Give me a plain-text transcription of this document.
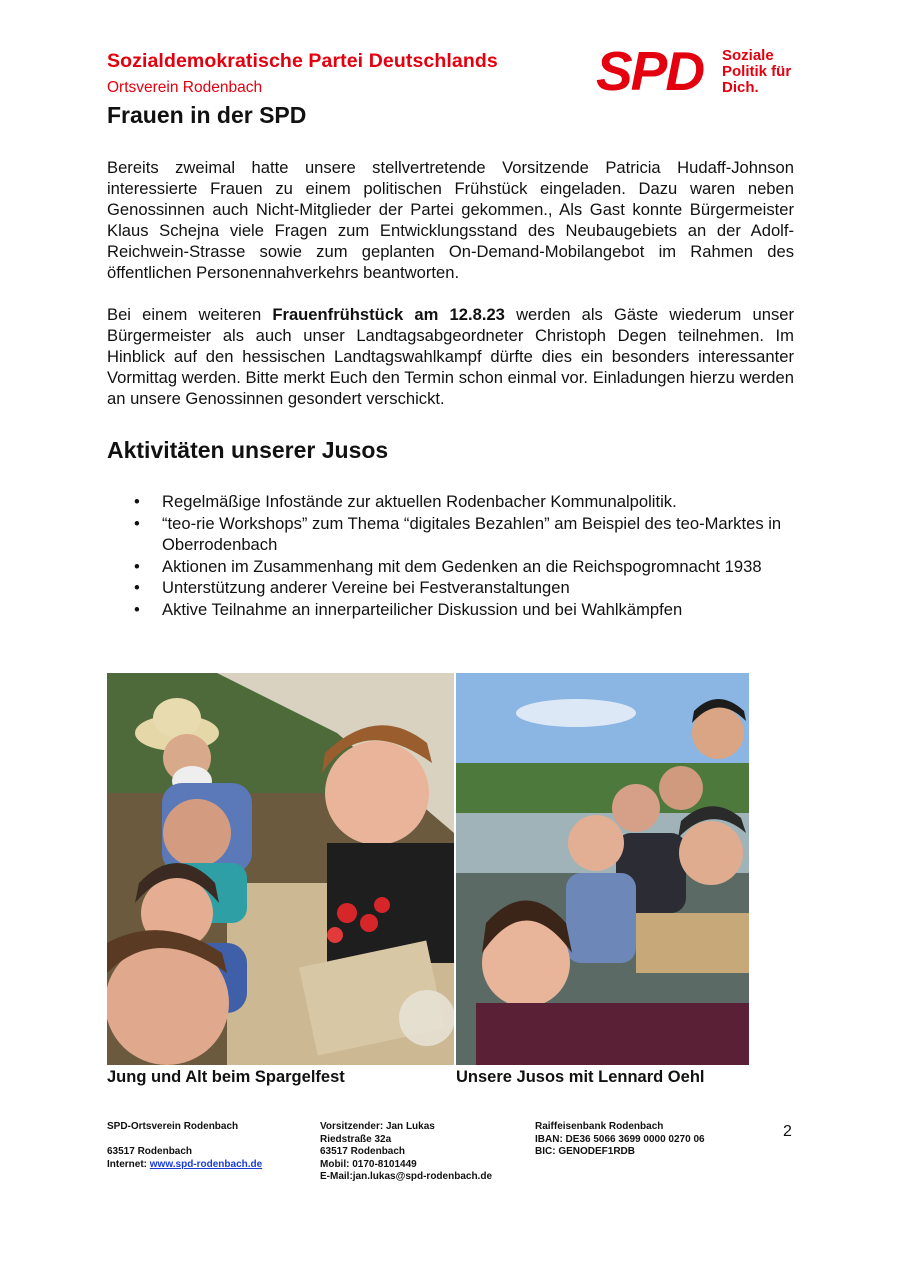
Sozialdemokratische Partei Deutschlands
Ortsverein Rodenbach	SPD Soziale
Politik für
Dich.
Frauen in der SPD

Bereits zweimal hatte unsere stellvertretende Vorsitzende Patricia Hudaff-Johnson interessierte Frauen zu einem politischen Frühstück eingeladen. Dazu waren neben Genossinnen auch Nicht-Mitglieder der Partei gekommen., Als Gast konnte Bürgermeister Klaus Schejna viele Fragen zum Entwicklungsstand des Neubaugebiets an der Adolf-Reichwein-Strasse sowie zum geplanten On-Demand-Mobilangebot im Rahmen des öffentlichen Personennahverkehrs beantworten.

Bei einem weiteren Frauenfrühstück am 12.8.23 werden als Gäste wiederum unser Bürgermeister als auch unser Landtagsabgeordneter Christoph Degen teilnehmen. Im Hinblick auf den hessischen Landtagswahlkampf dürfte dies ein besonders interessanter Vormittag werden. Bitte merkt Euch den Termin schon einmal vor. Einladungen hierzu werden an unsere Genossinnen gesondert verschickt.

Aktivitäten unserer Jusos
• Regelmäßige Infostände zur aktuellen Rodenbacher Kommunalpolitik.
• “teo-rie Workshops” zum Thema “digitales Bezahlen” am Beispiel des teo-Marktes in Oberrodenbach
• Aktionen im Zusammenhang mit dem Gedenken an die Reichspogromnacht 1938
• Unterstützung anderer Vereine bei Festveranstaltungen
• Aktive Teilnahme an innerparteilicher Diskussion und bei Wahlkämpfen
Jung und Alt beim Spargelfest	Unsere Jusos mit Lennard Oehl
SPD-Ortsverein Rodenbach
63517 Rodenbach
Internet: www.spd-rodenbach.de
Vorsitzender: Jan Lukas
Riedstraße 32a
63517 Rodenbach
Mobil: 0170-8101449
E-Mail:jan.lukas@spd-rodenbach.de
Raiffeisenbank Rodenbach
IBAN: DE36 5066 3699 0000 0270 06
BIC: GENODEF1RDB
2
